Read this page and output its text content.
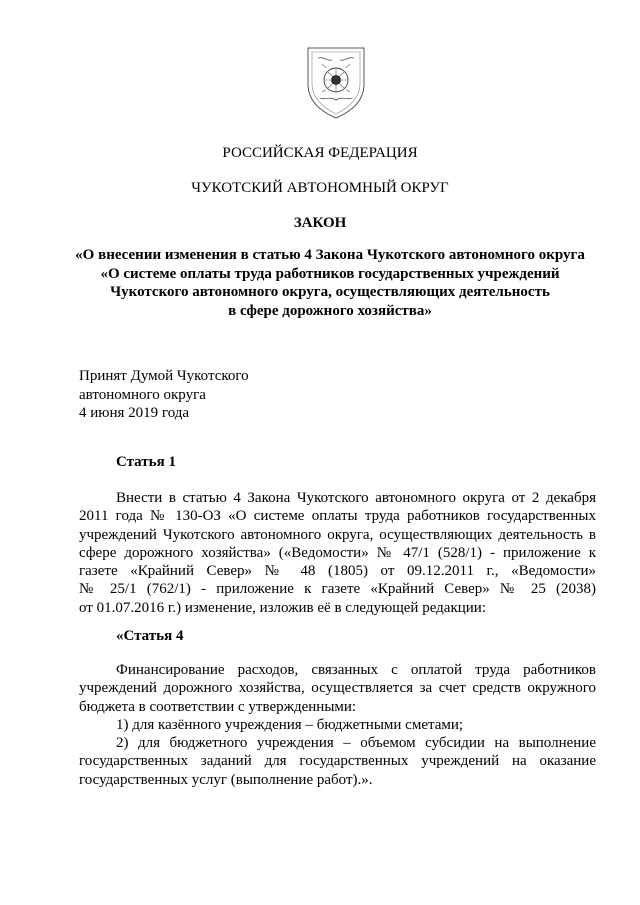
РОССИЙСКАЯ ФЕДЕРАЦИЯ
ЧУКОТСКИЙ АВТОНОМНЫЙ ОКРУГ
ЗАКОН
«О внесении изменения в статью 4 Закона Чукотского автономного округа
«О системе оплаты труда работников государственных учреждений
Чукотского автономного округа, осуществляющих деятельность
в сфере дорожного хозяйства»
Принят Думой Чукотского
автономного округа
4 июня 2019 года
Статья 1
Внести в статью 4 Закона Чукотского автономного округа от 2 декабря
2011 года № 130-ОЗ «О системе оплаты труда работников государственных
учреждений Чукотского автономного округа, осуществляющих деятельность в
сфере дорожного хозяйства» («Ведомости» № 47/1 (528/1) - приложение к
газете «Крайний Север» № 48 (1805) от 09.12.2011 г., «Ведомости»
№ 25/1 (762/1) - приложение к газете «Крайний Север» № 25 (2038)
от 01.07.2016 г.) изменение, изложив её в следующей редакции:
«Статья 4
Финансирование расходов, связанных с оплатой труда работников
учреждений дорожного хозяйства, осуществляется за счет средств окружного
бюджета в соответствии с утвержденными:
1) для казённого учреждения – бюджетными сметами;
2) для бюджетного учреждения – объемом субсидии на выполнение
государственных заданий для государственных учреждений на оказание
государственных услуг (выполнение работ).».
